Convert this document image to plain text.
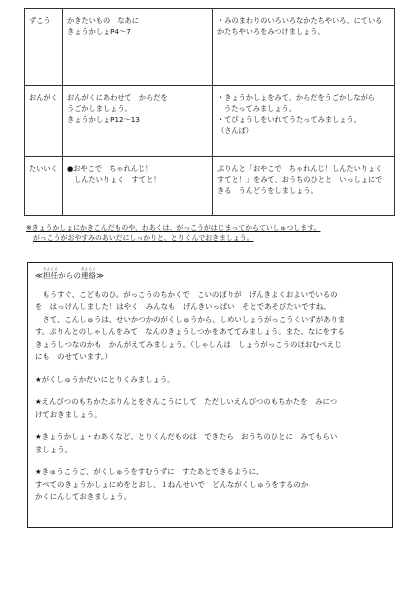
ずこう	かきたいもの　なあに
きょうかしょP4～7	・みのまわりのいろいろなかたちやいろ、にている
かたちやいろをみつけましょう。

おんがく	おんがくにあわせて　からだを
うごかしましょう。
きょうかしょP12～13	・きょうかしょをみて、からだをうごかしながら
うたってみましょう。
・てびょうしをいれてうたってみましょう。
（さんぽ）

たいいく	●おやこで　ちゃれんじ！
しんたいりょく　すてと！	ぷりんと「おやこで　ちゃれんじ！しんたいりょく
すてと！」をみて、おうちのひとと　いっしょにで
きる　うんどうをしましょう。
※きょうかしょにかきこんだものや、わあくは、がっこうがはじまってからていしゅつします。
がっこうがおやすみのあいだにしっかりと、とりくんでおきましょう。
≪担任たんにんからの連絡れんらく≫
　もうすぐ、こどものひ。がっこうのちかくで　こいのぼりが　げんきよくおよいでいるの
を　はっけんしました！はやく　みんなも　げんきいっぱい　そとであそびたいですね。
　さて、こんしゅうは、せいかつかのがくしゅうから、しめいしょうがっこうくいずがありま
す。ぷりんとのしゃしんをみて　なんのきょうしつかをあててみましょう。また、なにをする
きょうしつなのかも　かんがえてみましょう。（しゃしんは　しょうがっこうのほおむぺえじ
にも　のせています。）
★がくしゅうかだいにとりくみましょう。
★えんぴつのもちかたぷりんとをさんこうにして　ただしいえんぴつのもちかたを　みにつ
けておきましょう。
★きょうかしょ・わあくなど、とりくんだものは　できたら　おうちのひとに　みてもらい
ましょう。
★きゅうこうご、がくしゅうをすむうずに　すたあとできるように、
すべてのきょうかしょにめをとおし、１ねんせいで　どんながくしゅうをするのか
かくにんしておきましょう。
